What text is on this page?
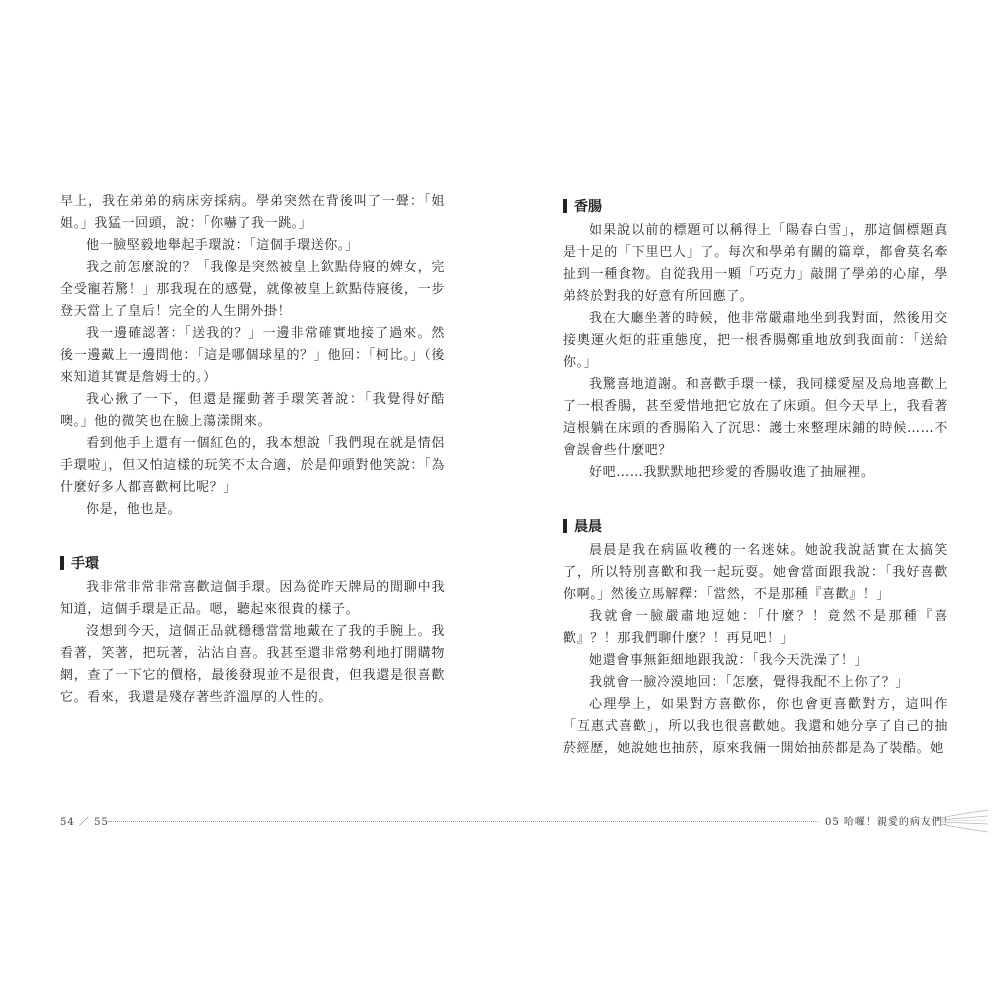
早上，我在弟弟的病床旁採病。學弟突然在背後叫了一聲：「姐姐。」我猛一回頭，說：「你嚇了我一跳。」

他一臉堅毅地舉起手環說：「這個手環送你。」

我之前怎麼說的？「我像是突然被皇上欽點侍寢的婢女，完全受寵若驚！」那我現在的感覺，就像被皇上欽點侍寢後，一步登天當上了皇后！完全的人生開外掛！

我一邊確認著：「送我的？」一邊非常確實地接了過來。然後一邊戴上一邊問他：「這是哪個球星的？」他回：「柯比。」（後來知道其實是詹姆士的。）

我心揪了一下，但還是擺動著手環笑著說：「我覺得好酷噢。」他的微笑也在臉上蕩漾開來。

看到他手上還有一個紅色的，我本想說「我們現在就是情侶手環啦」，但又怕這樣的玩笑不太合適，於是仰頭對他笑說：「為什麼好多人都喜歡柯比呢？」

你是，他也是。

手環

我非常非常非常喜歡這個手環。因為從昨天牌局的閒聊中我知道，這個手環是正品。嗯，聽起來很貴的樣子。

沒想到今天，這個正品就穩穩當當地戴在了我的手腕上。我看著，笑著，把玩著，沾沾自喜。我甚至還非常勢利地打開購物網，查了一下它的價格，最後發現並不是很貴，但我還是很喜歡它。看來，我還是殘存著些許溫厚的人性的。

香腸

如果說以前的標題可以稱得上「陽春白雪」，那這個標題真是十足的「下里巴人」了。每次和學弟有關的篇章，都會莫名牽扯到一種食物。自從我用一顆「巧克力」敲開了學弟的心扉，學弟終於對我的好意有所回應了。

我在大廳坐著的時候，他非常嚴肅地坐到我對面，然後用交接奧運火炬的莊重態度，把一根香腸鄭重地放到我面前：「送給你。」

我驚喜地道謝。和喜歡手環一樣，我同樣愛屋及烏地喜歡上了一根香腸，甚至愛惜地把它放在了床頭。但今天早上，我看著這根躺在床頭的香腸陷入了沉思：護士來整理床鋪的時候……不會誤會些什麼吧？

好吧……我默默地把珍愛的香腸收進了抽屜裡。

晨晨

晨晨是我在病區收穫的一名迷妹。她說我說話實在太搞笑了，所以特別喜歡和我一起玩耍。她會當面跟我說：「我好喜歡你啊。」然後立馬解釋：「當然，不是那種『喜歡』！」

我就會一臉嚴肅地逗她：「什麼？！竟然不是那種『喜歡』？！那我們聊什麼？！再見吧！」

她還會事無鉅細地跟我說：「我今天洗澡了！」

我就會一臉冷漠地回：「怎麼，覺得我配不上你了？」

心理學上，如果對方喜歡你，你也會更喜歡對方，這叫作「互惠式喜歡」，所以我也很喜歡她。我還和她分享了自己的抽菸經歷，她說她也抽菸，原來我倆一開始抽菸都是為了裝酷。她

54 ／ 55	05 哈囉！親愛的病友們！
